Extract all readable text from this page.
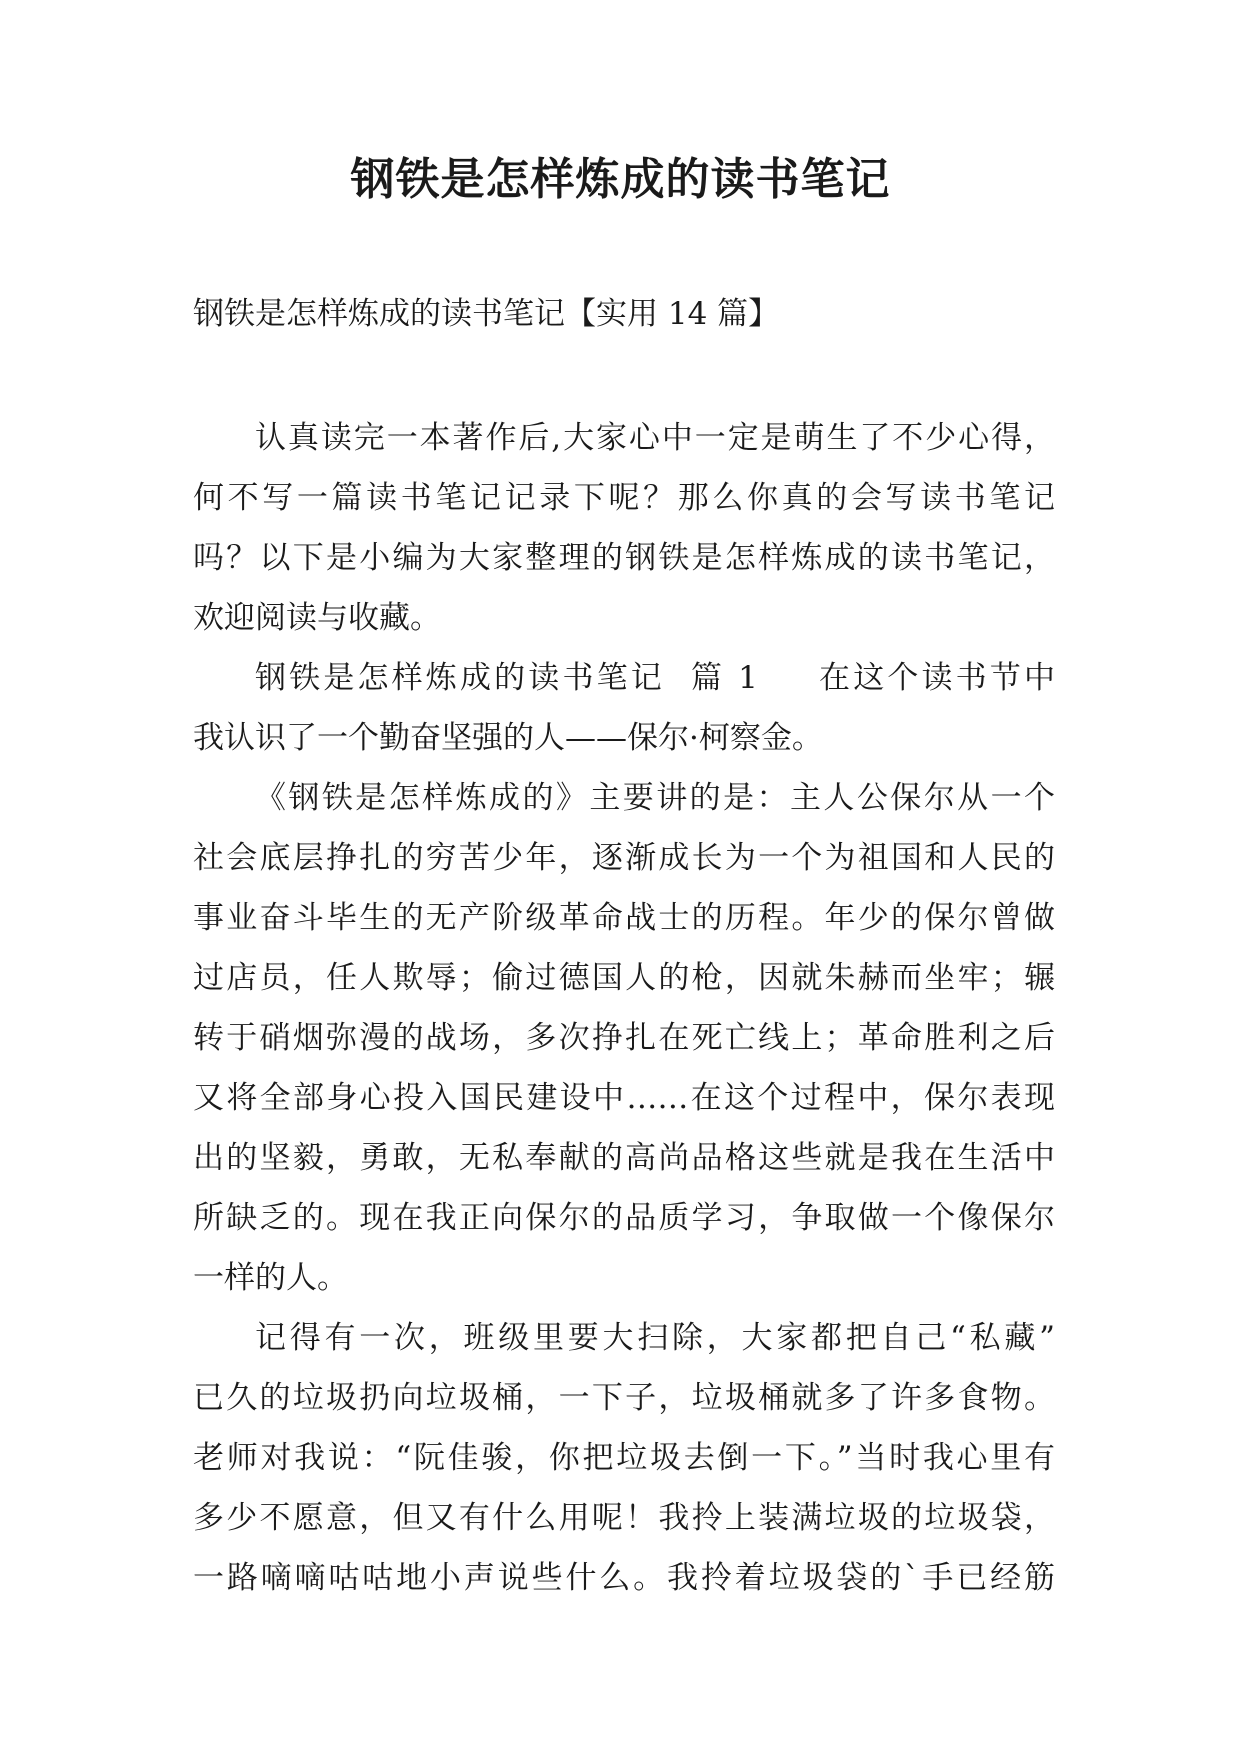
钢铁是怎样炼成的读书笔记

钢铁是怎样炼成的读书笔记【实用 14 篇】

认真读完一本著作后,大家心中一定是萌生了不少心得，
何不写一篇读书笔记记录下呢？那么你真的会写读书笔记
吗？以下是小编为大家整理的钢铁是怎样炼成的读书笔记，
欢迎阅读与收藏。
钢铁是怎样炼成的读书笔记  篇 1 在这个读书节中
我认识了一个勤奋坚强的人——保尔·柯察金。
《钢铁是怎样炼成的》主要讲的是：主人公保尔从一个
社会底层挣扎的穷苦少年，逐渐成长为一个为祖国和人民的
事业奋斗毕生的无产阶级革命战士的历程。年少的保尔曾做
过店员，任人欺辱；偷过德国人的枪，因就朱赫而坐牢；辗
转于硝烟弥漫的战场，多次挣扎在死亡线上；革命胜利之后
又将全部身心投入国民建设中……在这个过程中，保尔表现
出的坚毅，勇敢，无私奉献的高尚品格这些就是我在生活中
所缺乏的。现在我正向保尔的品质学习，争取做一个像保尔
一样的人。
记得有一次，班级里要大扫除，大家都把自己“私藏”
已久的垃圾扔向垃圾桶，一下子，垃圾桶就多了许多食物。
老师对我说：“阮佳骏，你把垃圾去倒一下。”当时我心里有
多少不愿意，但又有什么用呢！我拎上装满垃圾的垃圾袋，
一路嘀嘀咕咕地小声说些什么。我拎着垃圾袋的`手已经筋
